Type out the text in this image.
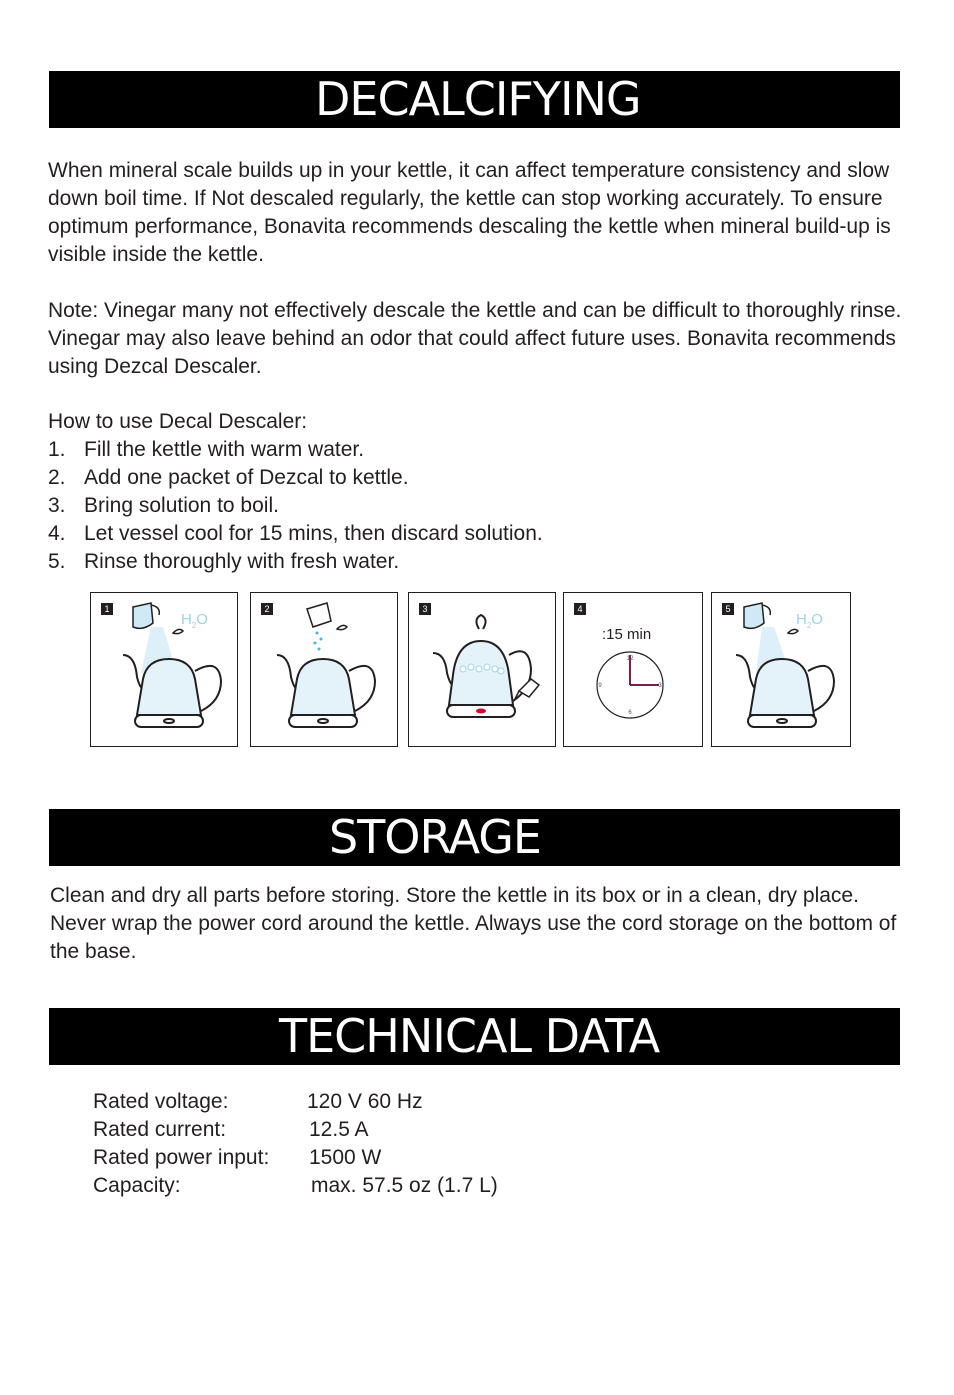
DECALCIFYING

When mineral scale builds up in your kettle, it can affect temperature consistency and slow down boil time. If Not descaled regularly, the kettle can stop working accurately. To ensure optimum performance, Bonavita recommends descaling the kettle when mineral build-up is visible inside the kettle.

Note: Vinegar many not effectively descale the kettle and can be difficult to thoroughly rinse. Vinegar may also leave behind an odor that could affect future uses. Bonavita recommends using Dezcal Descaler.

How to use Decal Descaler:

1. Fill the kettle with warm water.
2. Add one packet of Dezcal to kettle.
3. Bring solution to boil.
4. Let vessel cool for 15 mins, then discard solution.
5. Rinse thoroughly with fresh water.
1
$H_2O$
2	3	4
:15 min
12
3
6
9
5
$H_2O$
STORAGE

Clean and dry all parts before storing. Store the kettle in its box or in a clean, dry place. Never wrap the power cord around the kettle. Always use the cord storage on the bottom of the base.

TECHNICAL DATA
Rated voltage:	120 V 60 Hz
Rated current:	12.5 A
Rated power input: 1500 W
Capacity:	max. 57.5 oz (1.7 L)
